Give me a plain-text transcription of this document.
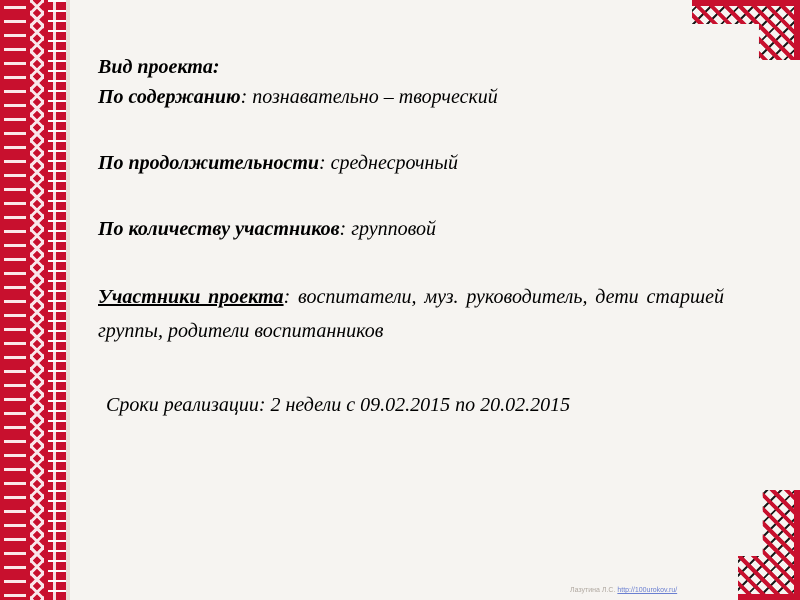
Вид проекта:
По содержанию: познавательно – творческий
По продолжительности: среднесрочный
По количеству участников: групповой
Участники проекта: воспитатели, муз. руководитель, дети старшей группы, родители воспитанников
Сроки реализации: 2 недели с 09.02.2015 по 20.02.2015
Лазутина Л.С. http://100urokov.ru/
